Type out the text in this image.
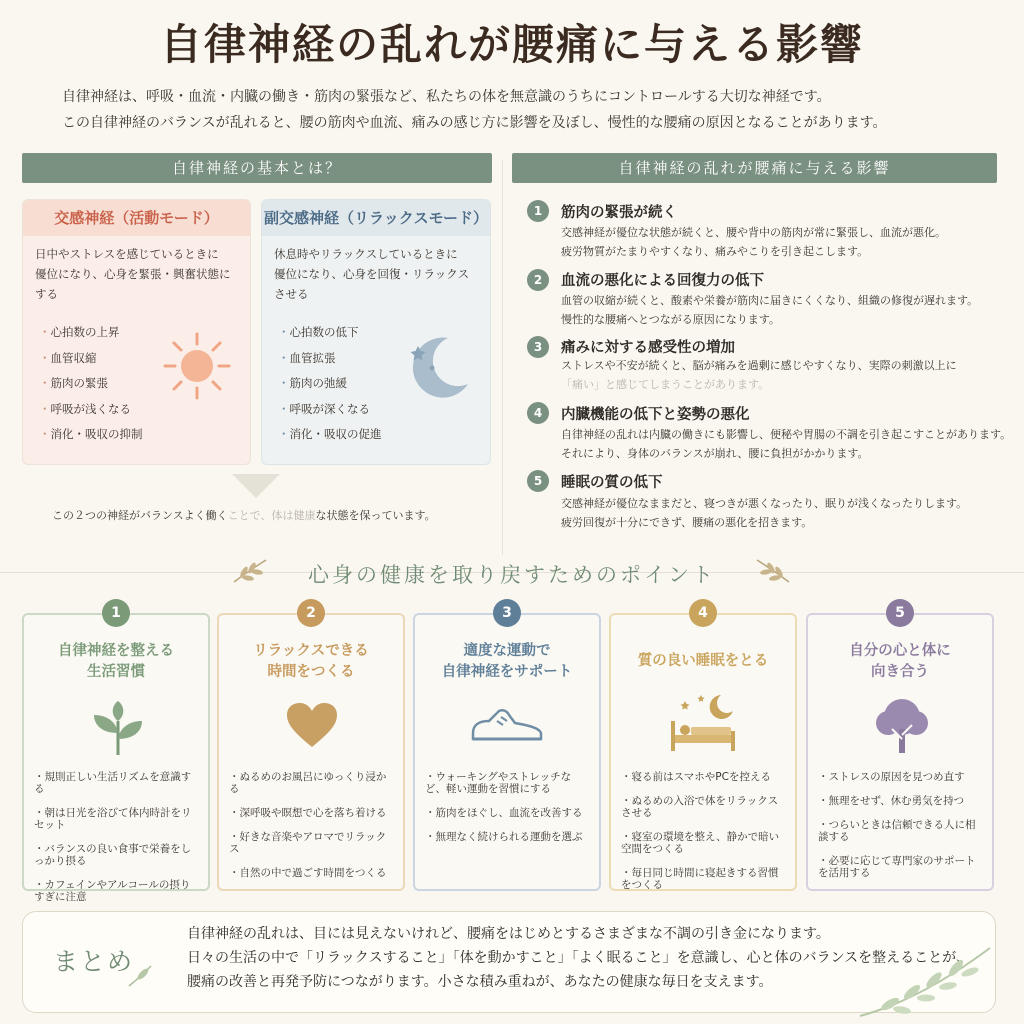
自律神経の乱れが腰痛に与える影響
自律神経は、呼吸・血流・内臓の働き・筋肉の緊張など、私たちの体を無意識のうちにコントロールする大切な神経です。
この自律神経のバランスが乱れると、腰の筋肉や血流、痛みの感じ方に影響を及ぼし、慢性的な腰痛の原因となることがあります。
自律神経の基本とは？
交感神経（活動モード）
日中やストレスを感じているときに
優位になり、心身を緊張・興奮状態にする
・ 心拍数の上昇
・ 血管収縮
・ 筋肉の緊張
・ 呼吸が浅くなる
・ 消化・吸収の抑制
副交感神経（リラックスモード）
休息時やリラックスしているときに
優位になり、心身を回復・リラックスさせる
・ 心拍数の低下
・ 血管拡張
・ 筋肉の弛緩
・ 呼吸が深くなる
・ 消化・吸収の促進
この２つの神経がバランスよく働くことで、体は健康な状態を保っています。
自律神経の乱れが腰痛に与える影響
1	筋肉の緊張が続く
交感神経が優位な状態が続くと、腰や背中の筋肉が常に緊張し、血流が悪化。
疲労物質がたまりやすくなり、痛みやこりを引き起こします。
2	血流の悪化による回復力の低下
血管の収縮が続くと、酸素や栄養が筋肉に届きにくくなり、組織の修復が遅れます。
慢性的な腰痛へとつながる原因になります。
3	痛みに対する感受性の増加
ストレスや不安が続くと、脳が痛みを過剰に感じやすくなり、実際の刺激以上に
「痛い」と感じてしまうことがあります。
4	内臓機能の低下と姿勢の悪化
自律神経の乱れは内臓の働きにも影響し、便秘や胃腸の不調を引き起こすことがあります。
それにより、身体のバランスが崩れ、腰に負担がかかります。
5	睡眠の質の低下
交感神経が優位なままだと、寝つきが悪くなったり、眠りが浅くなったりします。
疲労回復が十分にできず、腰痛の悪化を招きます。
心身の健康を取り戻すためのポイント
自律神経を整える
生活習慣
・ 規則正しい生活リズムを意識する
・ 朝は日光を浴びて体内時計をリセット
・ バランスの良い食事で栄養をしっかり摂る
・ カフェインやアルコールの摂りすぎに注意
1
リラックスできる
時間をつくる
・ ぬるめのお風呂にゆっくり浸かる
・ 深呼吸や瞑想で心を落ち着ける
・ 好きな音楽やアロマでリラックス
・ 自然の中で過ごす時間をつくる
2
適度な運動で
自律神経をサポート
・ ウォーキングやストレッチなど、軽い運動を習慣にする
・ 筋肉をほぐし、血流を改善する
・ 無理なく続けられる運動を選ぶ
3
質の良い睡眠をとる
・ 寝る前はスマホやPCを控える
・ ぬるめの入浴で体をリラックスさせる
・ 寝室の環境を整え、静かで暗い空間をつくる
・ 毎日同じ時間に寝起きする習慣をつくる
4
自分の心と体に
向き合う
・ ストレスの原因を見つめ直す
・ 無理をせず、休む勇気を持つ
・ つらいときは信頼できる人に相談する
・ 必要に応じて専門家のサポートを活用する
5
まとめ
自律神経の乱れは、目には見えないけれど、腰痛をはじめとするさまざまな不調の引き金になります。
日々の生活の中で「リラックスすること」「体を動かすこと」「よく眠ること」を意識し、心と体のバランスを整えることが、
腰痛の改善と再発予防につながります。小さな積み重ねが、あなたの健康な毎日を支えます。
